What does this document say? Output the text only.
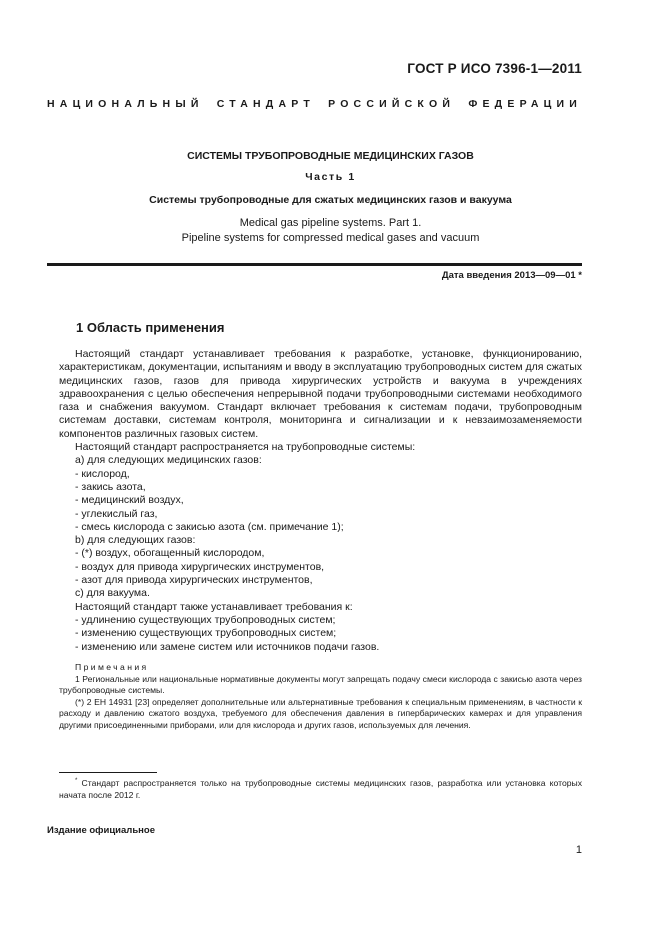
ГОСТ Р ИСО 7396-1—2011
НАЦИОНАЛЬНЫЙ СТАНДАРТ РОССИЙСКОЙ ФЕДЕРАЦИИ
СИСТЕМЫ ТРУБОПРОВОДНЫЕ МЕДИЦИНСКИХ ГАЗОВ
Часть 1
Системы трубопроводные для сжатых медицинских газов и вакуума
Medical gas pipeline systems. Part 1.
Pipeline systems for compressed medical gases and vacuum
Дата введения 2013—09—01 *
1 Область применения

Настоящий стандарт устанавливает требования к разработке, установке, функционированию, характеристикам, документации, испытаниям и вводу в эксплуатацию трубопроводных систем для сжатых медицинских газов, газов для привода хирургических устройств и вакуума в учреждениях здравоохранения с целью обеспечения непрерывной подачи трубопроводными системами необходимого газа и снабжения вакуумом. Стандарт включает требования к системам подачи, трубопроводным системам доставки, системам контроля, мониторинга и сигнализации и к невзаимозаменяемости компонентов различных газовых систем.

Настоящий стандарт распространяется на трубопроводные системы:

а) для следующих медицинских газов:

- кислород,

- закись азота,

- медицинский воздух,

- углекислый газ,

- смесь кислорода с закисью азота (см. примечание 1);

b) для следующих газов:

- (*) воздух, обогащенный кислородом,

- воздух для привода хирургических инструментов,

- азот для привода хирургических инструментов,

с) для вакуума.

Настоящий стандарт также устанавливает требования к:

- удлинению существующих трубопроводных систем;

- изменению существующих трубопроводных систем;

- изменению или замене систем или источников подачи газов.

Примечания

1 Региональные или национальные нормативные документы могут запрещать подачу смеси кислорода с закисью азота через трубопроводные системы.

(*) 2 ЕН 14931 [23] определяет дополнительные или альтернативные требования к специальным применениям, в частности к расходу и давлению сжатого воздуха, требуемого для обеспечения давления в гипербарических камерах и для управления другими присоединенными приборами, или для кислорода и других газов, используемых для лечения.

* Стандарт распространяется только на трубопроводные системы медицинских газов, разработка или установка которых начата после 2012 г.
Издание официальное
1
